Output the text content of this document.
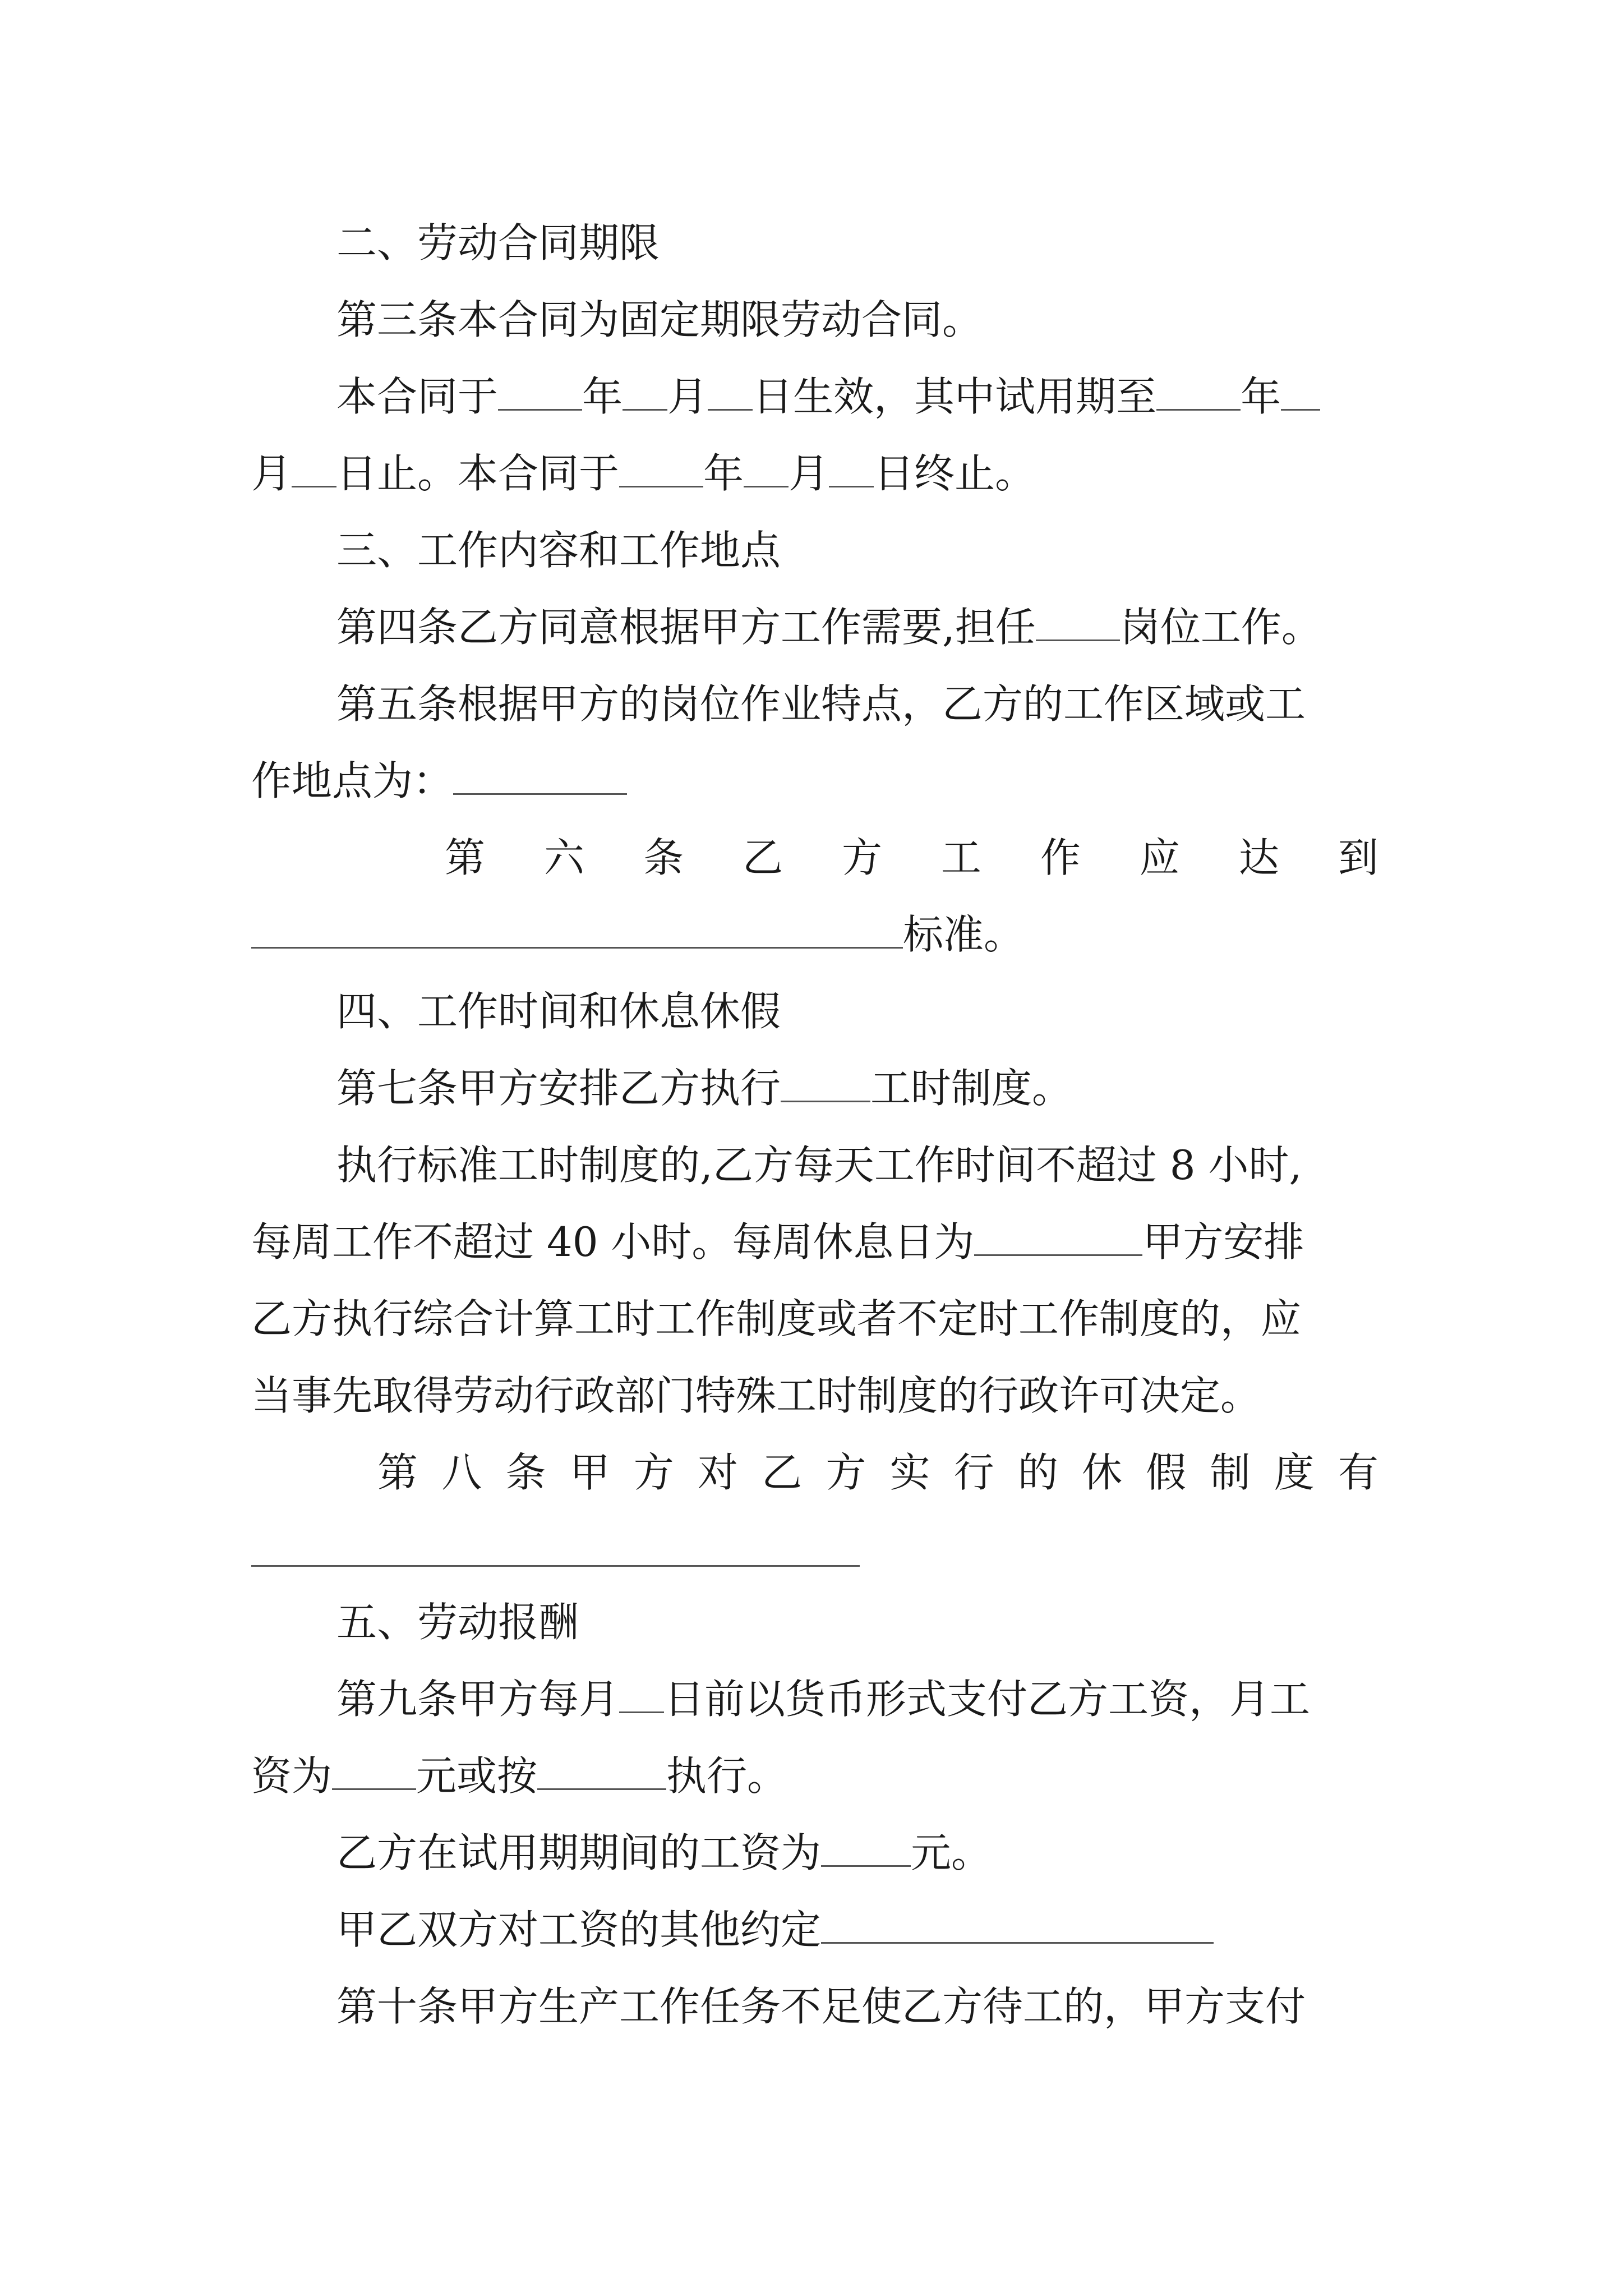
二、劳动合同期限
第三条本合同为固定期限劳动合同。
本合同于 年 月 日生效，其中试用期至 年
月 日止。本合同于 年 月 日终止。
三、工作内容和工作地点
第四条乙方同意根据甲方工作需要,担任 岗位工作。
第五条根据甲方的岗位作业特点，乙方的工作区域或工
作地点为：
第 六 条 乙 方 工 作 应 达 到
标准。
四、工作时间和休息休假
第七条甲方安排乙方执行 工时制度。
执行标准工时制度的,乙方每天工作时间不超过 8 小时,
每周工作不超过 40 小时。每周休息日为	甲方安排
乙方执行综合计算工时工作制度或者不定时工作制度的，应
当事先取得劳动行政部门特殊工时制度的行政许可决定。
第 八 条 甲 方 对 乙 方 实 行 的 休 假 制 度 有
五、劳动报酬
第九条甲方每月 日前以货币形式支付乙方工资，月工
资为 元或按	执行。
乙方在试用期期间的工资为 元。
甲乙双方对工资的其他约定
第十条甲方生产工作任务不足使乙方待工的，甲方支付
